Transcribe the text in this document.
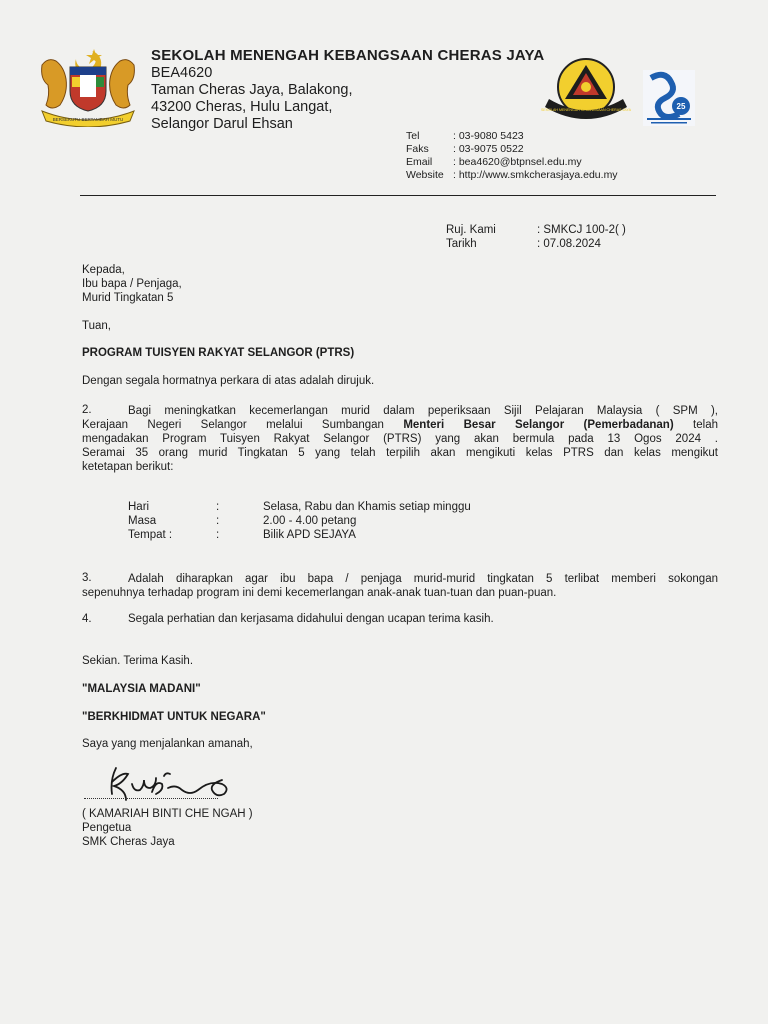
BERSEKUTU BERTAMBAH MUTU
SEKOLAH MENENGAH KEBANGSAAN CHERAS JAYA	25
SEKOLAH MENENGAH KEBANGSAAN CHERAS JAYA
BEA4620
Taman Cheras Jaya, Balakong,
43200 Cheras, Hulu Langat,
Selangor Darul Ehsan
Tel	: 03-9080 5423
Faks	: 03-9075 0522
Email	: bea4620@btpnsel.edu.my
Website : http://www.smkcherasjaya.edu.my
Ruj. Kami	: SMKCJ 100-2( )
Tarikh	: 07.08.2024
Kepada,
Ibu bapa / Penjaga,
Murid Tingkatan 5
Tuan,
PROGRAM TUISYEN RAKYAT SELANGOR (PTRS)
Dengan segala hormatnya perkara di atas adalah dirujuk.
2.	Bagi meningkatkan kecemerlangan murid dalam peperiksaan Sijil Pelajaran Malaysia ( SPM ),
Kerajaan Negeri Selangor melalui Sumbangan Menteri Besar Selangor (Pemerbadanan) telah
mengadakan Program Tuisyen Rakyat Selangor (PTRS) yang akan bermula pada 13 Ogos 2024 .
Seramai 35 orang murid Tingkatan 5 yang telah terpilih akan mengikuti kelas PTRS dan kelas mengikut
ketetapan berikut:
Hari	:	Selasa, Rabu dan Khamis setiap minggu
Masa	:	2.00 - 4.00 petang
Tempat :	:	Bilik APD SEJAYA
3.	Adalah diharapkan agar ibu bapa / penjaga murid-murid tingkatan 5 terlibat memberi sokongan
sepenuhnya terhadap program ini demi kecemerlangan anak-anak tuan-tuan dan puan-puan.
4.	Segala perhatian dan kerjasama didahului dengan ucapan terima kasih.
Sekian. Terima Kasih.
"MALAYSIA MADANI"
"BERKHIDMAT UNTUK NEGARA"
Saya yang menjalankan amanah,
( KAMARIAH BINTI CHE NGAH )
Pengetua
SMK Cheras Jaya
